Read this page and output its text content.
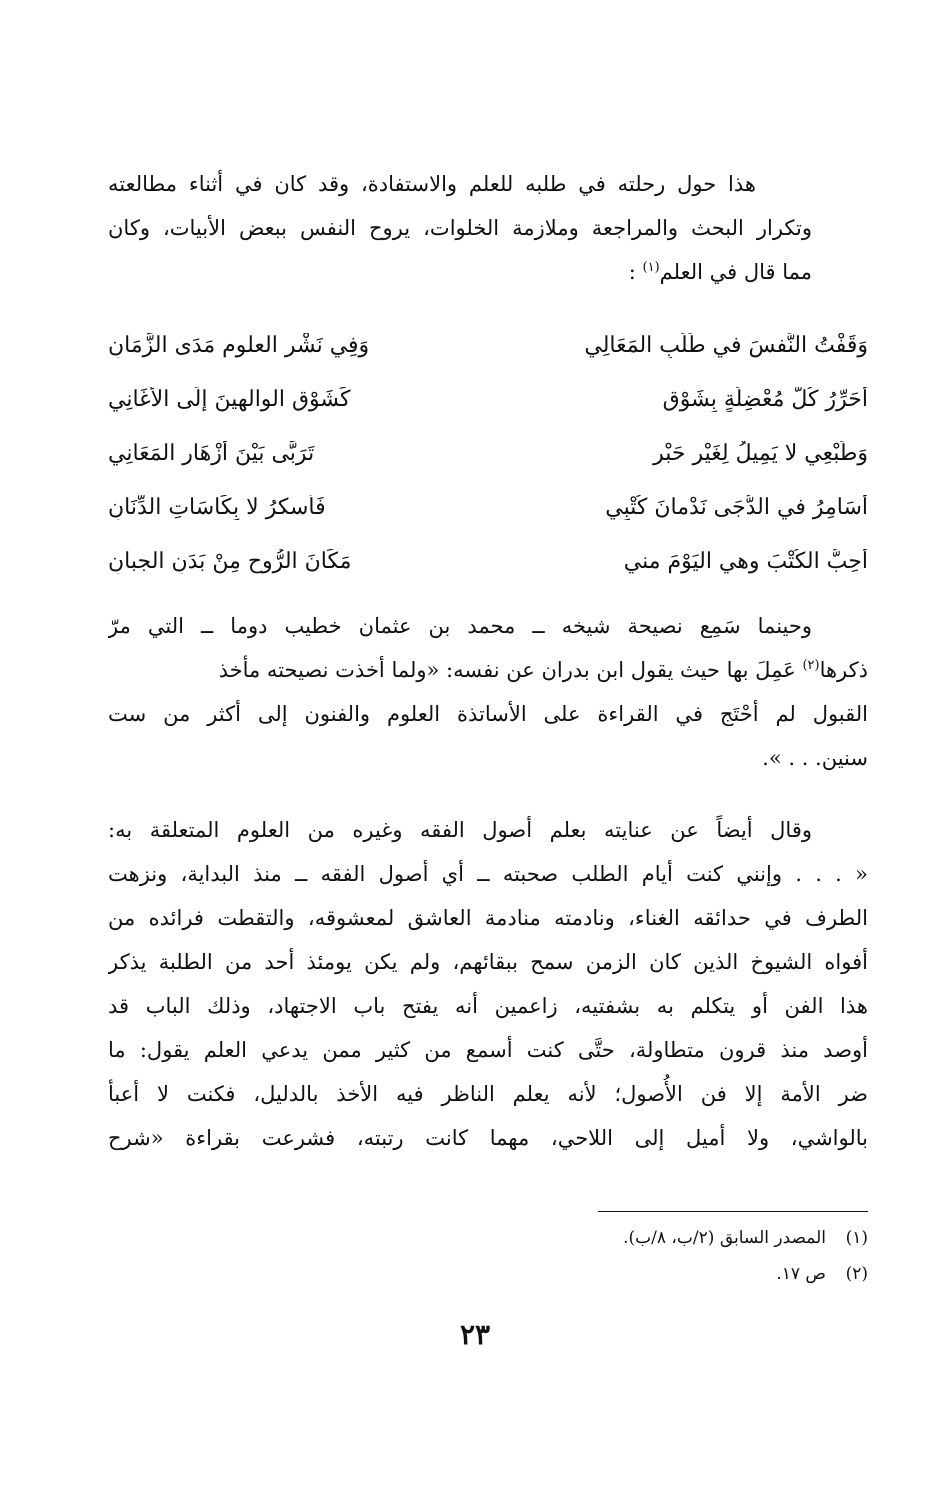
هذا حول رحلته في طلبه للعلم والاستفادة، وقد كان في أثناء مطالعته
وتكرار البحث والمراجعة وملازمة الخلوات، يروح النفس ببعض الأبيات، وكان
مما قال في العلم$^{(١)}$ :
وَقَفْتُ النَّفسَ في طَلَبِ المَعَالِي
وَفِي نَشْرِ العلومِ مَدَى الزَّمَانِ
أُحَرِّرُ كُلَّ مُعْضِلَةٍ بِشَوْقٍ
كَشَوْقِ الوالهينَ إِلَى الأَغَانِي
وَطَبْعِي لا يَمِيلُ لِغَيْرِ حَبْرٍ
تَرَبَّى بَيْنَ أَزْهَارِ المَعَانِي
أُسَامِرُ في الدُّجَى نَدْمانَ كُتْبِي
فَأَسكرُ لا بِكَاسَاتِ الدِّنَانِ
أُحِبُّ الكُتْبَ وهي اليَوْمَ مني
مَكَانَ الرُّوحِ مِنْ بَدَنِ الجبانِ
وحينما سَمِع نصيحة شيخه ــ محمد بن عثمان خطيب دوما ــ التي مرّ
ذكرها$^{(٢)}$ عَمِلَ بها حيث يقول ابن بدران عن نفسه: «ولما أخذت نصيحته مأخذ
القبول لم أحْتَج في القراءة على الأساتذة العلوم والفنون إلى أكثر من ست
سنين. . . ».
وقال أيضاً عن عنايته بعلم أصول الفقه وغيره من العلوم المتعلقة به:
« . . . وإنني كنت أيام الطلب صحبته ــ أي أصول الفقه ــ منذ البداية، ونزهت
الطرف في حدائقه الغناء، ونادمته منادمة العاشق لمعشوقه، والتقطت فرائده من
أفواه الشيوخ الذين كان الزمن سمح ببقائهم، ولم يكن يومئذ أحد من الطلبة يذكر
هذا الفن أو يتكلم به بشفتيه، زاعمين أنه يفتح باب الاجتهاد، وذلك الباب قد
أوصد منذ قرون متطاولة، حتَّى كنت أسمع من كثير ممن يدعي العلم يقول: ما
ضر الأمة إلا فن الأُصول؛ لأنه يعلم الناظر فيه الأخذ بالدليل، فكنت لا أعبأ
بالواشي، ولا أميل إلى اللاحي، مهما كانت رتبته، فشرعت بقراءة «شرح
(١)المصدر السابق (٢/ب، ٨/ب).
(٢)ص ١٧.
٢٣
